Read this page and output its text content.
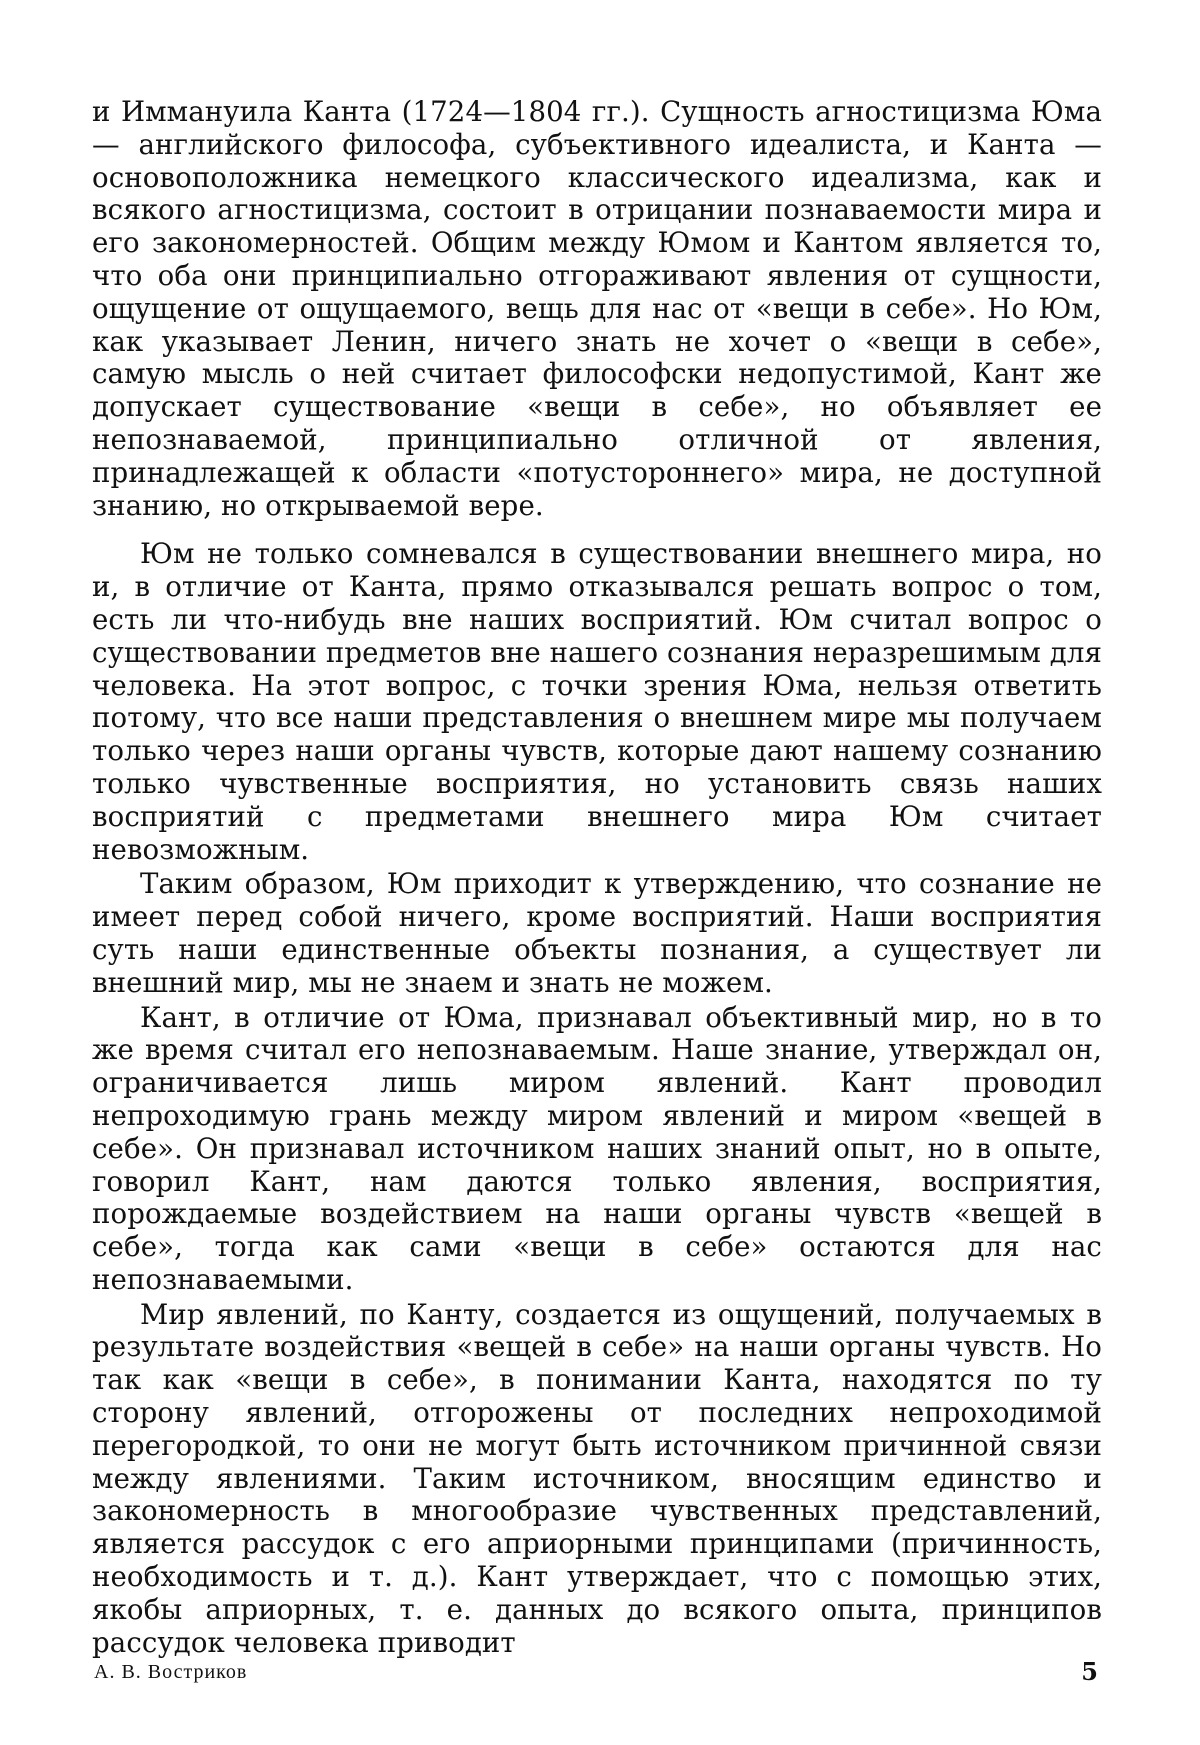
и Иммануила Канта (1724—1804 гг.). Сущность агностицизма Юма — английского философа, субъективного идеалиста, и Канта — основоположника немецкого классического идеализма, как и всякого агностицизма, состоит в отрицании познаваемости мира и его закономерностей. Общим между Юмом и Кантом является то, что оба они принципиально отгораживают явления от сущности, ощущение от ощущаемого, вещь для нас от «вещи в себе». Но Юм, как указывает Ленин, ничего знать не хочет о «вещи в себе», самую мысль о ней считает философски недопустимой, Кант же допускает существование «вещи в себе», но объявляет ее непознаваемой, принципиально отличной от явления, принадлежащей к области «потустороннего» мира, не доступной знанию, но открываемой вере.

Юм не только сомневался в существовании внешнего мира, но и, в отличие от Канта, прямо отказывался решать вопрос о том, есть ли что-нибудь вне наших восприятий. Юм считал вопрос о существовании предметов вне нашего сознания неразрешимым для человека. На этот вопрос, с точки зрения Юма, нельзя ответить потому, что все наши представления о внешнем мире мы получаем только через наши органы чувств, которые дают нашему сознанию только чувственные восприятия, но установить связь наших восприятий с предметами внешнего мира Юм считает невозможным.

Таким образом, Юм приходит к утверждению, что сознание не имеет перед собой ничего, кроме восприятий. Наши восприятия суть наши единственные объекты познания, а существует ли внешний мир, мы не знаем и знать не можем.

Кант, в отличие от Юма, признавал объективный мир, но в то же время считал его непознаваемым. Наше знание, утверждал он, ограничивается лишь миром явлений. Кант проводил непроходимую грань между миром явлений и миром «вещей в себе». Он признавал источником наших знаний опыт, но в опыте, говорил Кант, нам даются только явления, восприятия, порождаемые воздействием на наши органы чувств «вещей в себе», тогда как сами «вещи в себе» остаются для нас непознаваемыми.

Мир явлений, по Канту, создается из ощущений, получаемых в результате воздействия «вещей в себе» на наши органы чувств. Но так как «вещи в себе», в понимании Канта, находятся по ту сторону явлений, отгорожены от последних непроходимой перегородкой, то они не могут быть источником причинной связи между явлениями. Таким источником, вносящим единство и закономерность в многообразие чувственных представлений, является рассудок с его априорными принципами (причинность, необходимость и т. д.). Кант утверждает, что с помощью этих, якобы априорных, т. е. данных до всякого опыта, принципов рассудок человека приводит

А. В. Востриков	5
